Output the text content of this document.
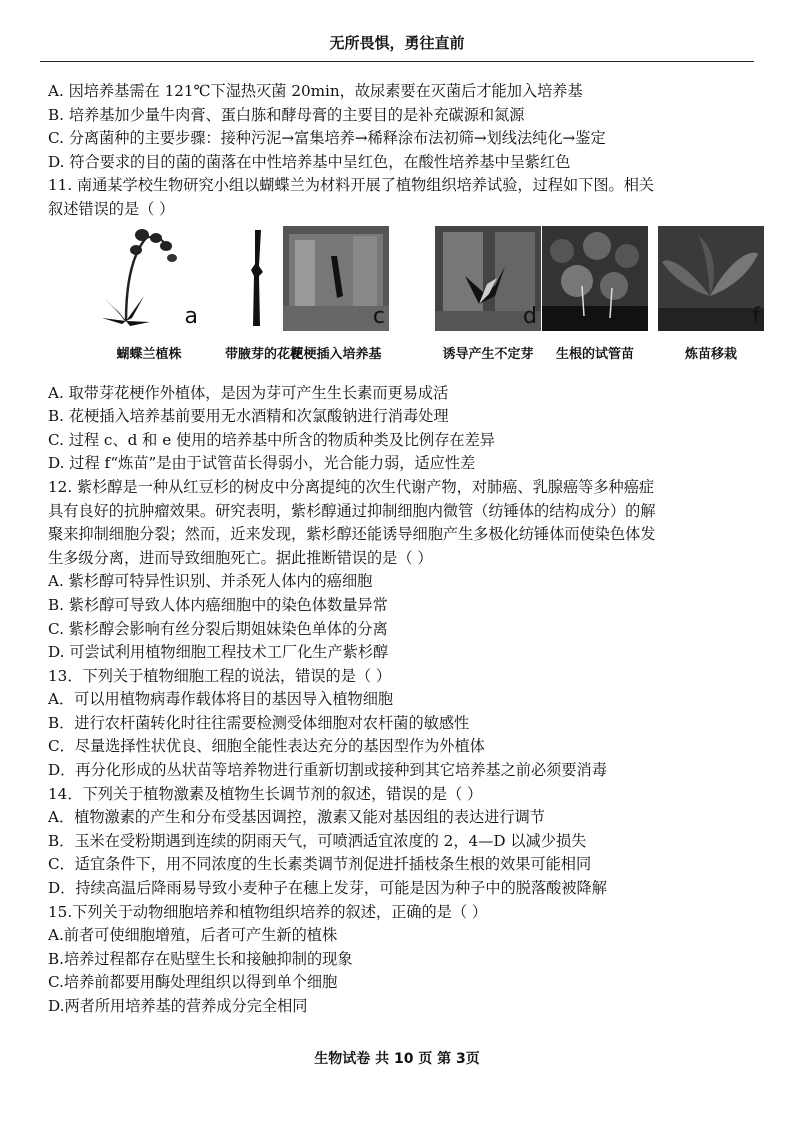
无所畏惧，勇往直前
A. 因培养基需在 121℃下湿热灭菌 20min，故尿素要在灭菌后才能加入培养基
B. 培养基加少量牛肉膏、蛋白胨和酵母膏的主要目的是补充碳源和氮源
C. 分离菌种的主要步骤：接种污泥→富集培养→稀释涂布法初筛→划线法纯化→鉴定
D. 符合要求的目的菌的菌落在中性培养基中呈红色，在酸性培养基中呈紫红色
11. 南通某学校生物研究小组以蝴蝶兰为材料开展了植物组织培养试验，过程如下图。相关
叙述错误的是（ ）
a
蝴蝶兰植株	带腋芽的花梗
c
花梗插入培养基
d
诱导产生不定芽
e
生根的试管苗
f
炼苗移栽
A. 取带芽花梗作外植体，是因为芽可产生生长素而更易成活
B. 花梗插入培养基前要用无水酒精和次氯酸钠进行消毒处理
C. 过程 c、d 和 e 使用的培养基中所含的物质种类及比例存在差异
D. 过程 f“炼苗”是由于试管苗长得弱小，光合能力弱，适应性差
12. 紫杉醇是一种从红豆杉的树皮中分离提纯的次生代谢产物，对肺癌、乳腺癌等多种癌症
具有良好的抗肿瘤效果。研究表明，紫杉醇通过抑制细胞内微管（纺锤体的结构成分）的解
聚来抑制细胞分裂；然而，近来发现，紫杉醇还能诱导细胞产生多极化纺锤体而使染色体发
生多级分离，进而导致细胞死亡。据此推断错误的是（ ）
A. 紫杉醇可特异性识别、并杀死人体内的癌细胞
B. 紫杉醇可导致人体内癌细胞中的染色体数量异常
C. 紫杉醇会影响有丝分裂后期姐妹染色单体的分离
D. 可尝试利用植物细胞工程技术工厂化生产紫杉醇
13．下列关于植物细胞工程的说法，错误的是（ ）
A．可以用植物病毒作载体将目的基因导入植物细胞
B．进行农杆菌转化时往往需要检测受体细胞对农杆菌的敏感性
C．尽量选择性状优良、细胞全能性表达充分的基因型作为外植体
D．再分化形成的丛状苗等培养物进行重新切割或接种到其它培养基之前必须要消毒
14．下列关于植物激素及植物生长调节剂的叙述，错误的是（ ）
A．植物激素的产生和分布受基因调控，激素又能对基因组的表达进行调节
B．玉米在受粉期遇到连续的阴雨天气，可喷洒适宜浓度的 2，4—D 以减少损失
C．适宜条件下，用不同浓度的生长素类调节剂促进扦插枝条生根的效果可能相同
D．持续高温后降雨易导致小麦种子在穗上发芽，可能是因为种子中的脱落酸被降解
15.下列关于动物细胞培养和植物组织培养的叙述，正确的是（ ）
A.前者可使细胞增殖，后者可产生新的植株
B.培养过程都存在贴壁生长和接触抑制的现象
C.培养前都要用酶处理组织以得到单个细胞
D.两者所用培养基的营养成分完全相同
生物试卷 共 10 页 第 3页
